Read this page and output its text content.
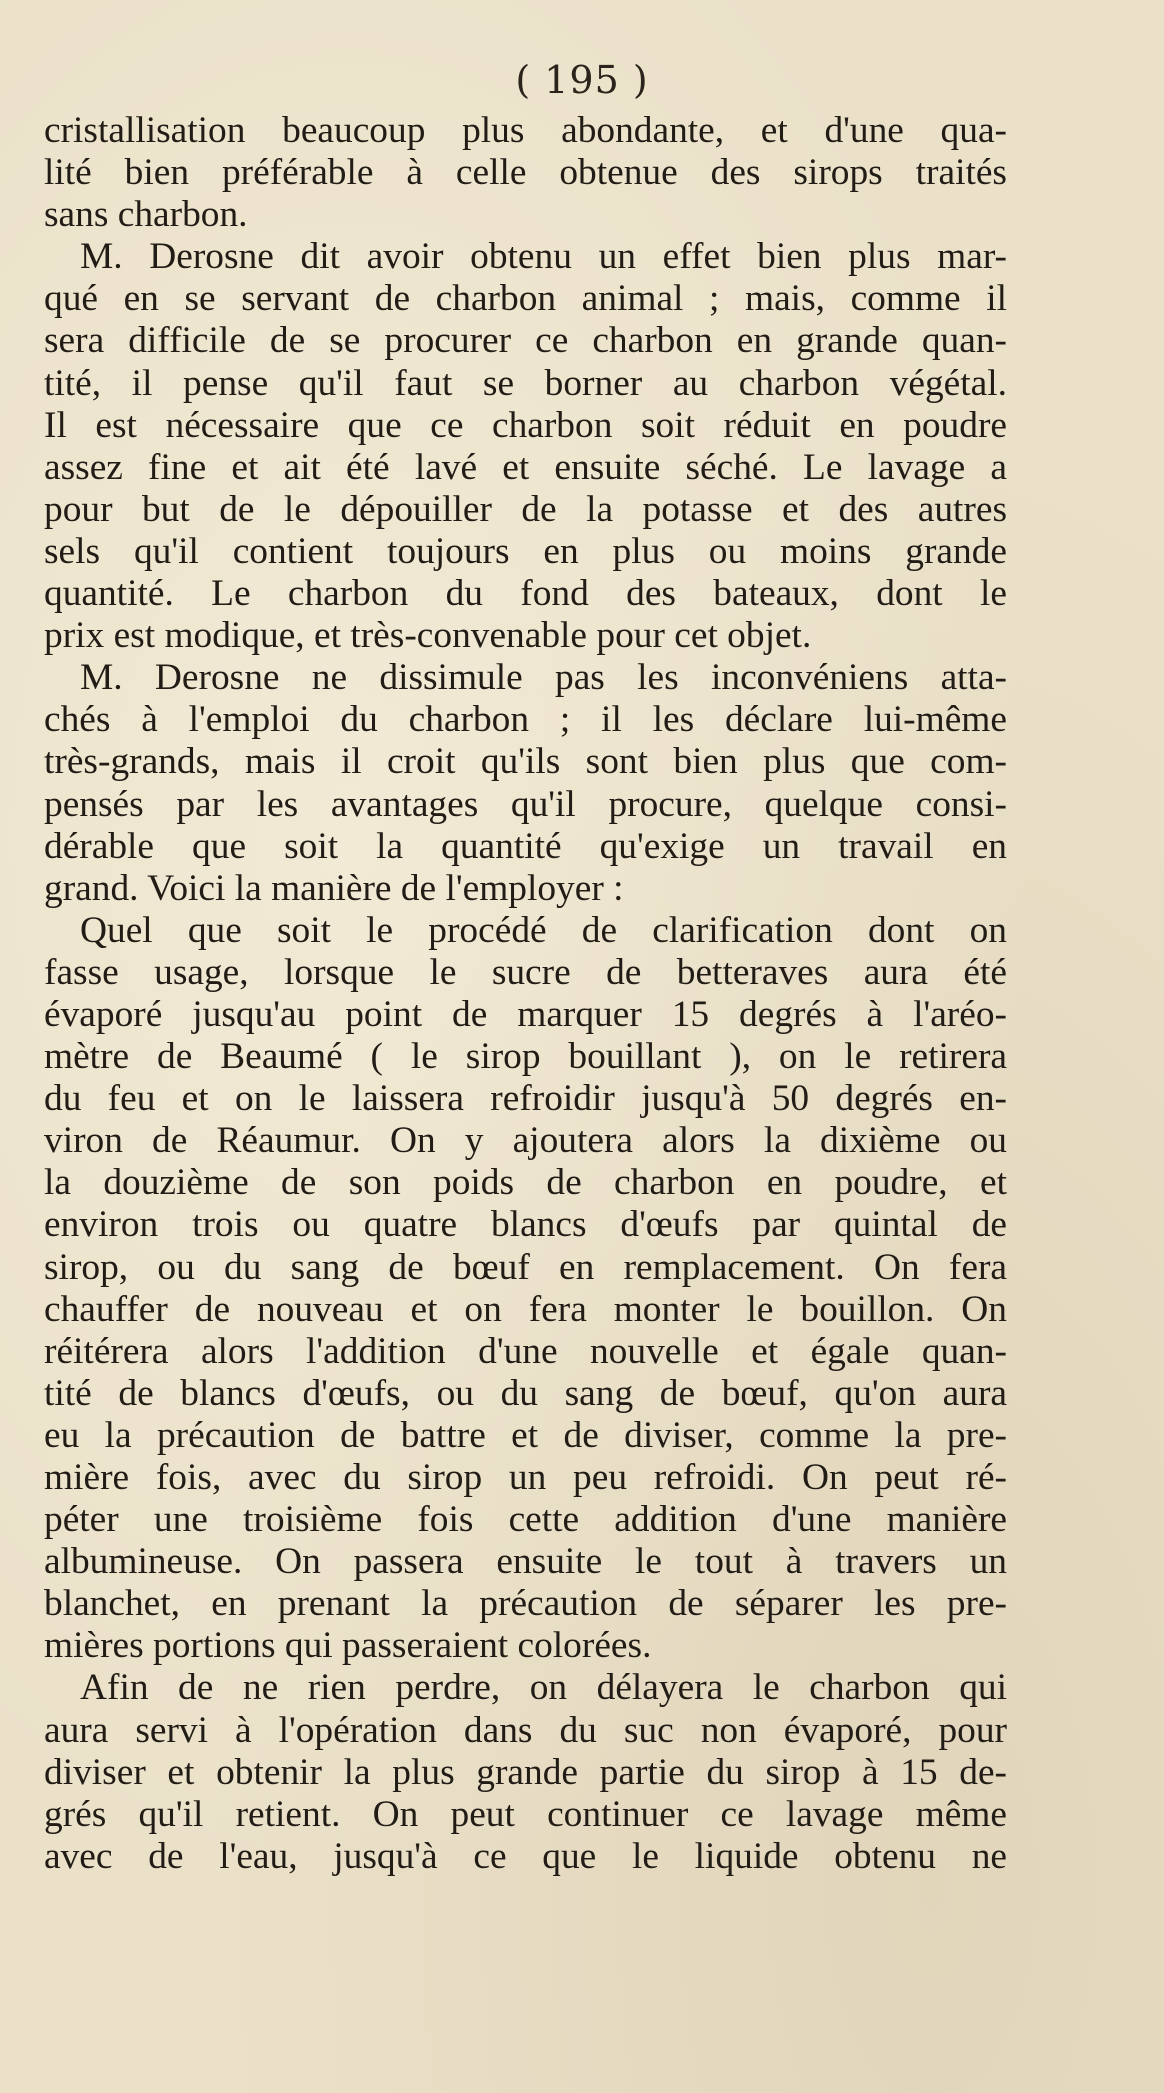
( 195 )
cristallisation beaucoup plus abondante, et d'une qua-
lité bien préférable à celle obtenue des sirops traités
sans charbon.
M. Derosne dit avoir obtenu un effet bien plus mar-
qué en se servant de charbon animal ; mais, comme il
sera difficile de se procurer ce charbon en grande quan-
tité, il pense qu'il faut se borner au charbon végétal.
Il est nécessaire que ce charbon soit réduit en poudre
assez fine et ait été lavé et ensuite séché. Le lavage a
pour but de le dépouiller de la potasse et des autres
sels qu'il contient toujours en plus ou moins grande
quantité. Le charbon du fond des bateaux, dont le
prix est modique, et très-convenable pour cet objet.
M. Derosne ne dissimule pas les inconvéniens atta-
chés à l'emploi du charbon ; il les déclare lui-même
très-grands, mais il croit qu'ils sont bien plus que com-
pensés par les avantages qu'il procure, quelque consi-
dérable que soit la quantité qu'exige un travail en
grand. Voici la manière de l'employer :
Quel que soit le procédé de clarification dont on
fasse usage, lorsque le sucre de betteraves aura été
évaporé jusqu'au point de marquer 15 degrés à l'aréo-
mètre de Beaumé ( le sirop bouillant ), on le retirera
du feu et on le laissera refroidir jusqu'à 50 degrés en-
viron de Réaumur. On y ajoutera alors la dixième ou
la douzième de son poids de charbon en poudre, et
environ trois ou quatre blancs d'œufs par quintal de
sirop, ou du sang de bœuf en remplacement. On fera
chauffer de nouveau et on fera monter le bouillon. On
réitérera alors l'addition d'une nouvelle et égale quan-
tité de blancs d'œufs, ou du sang de bœuf, qu'on aura
eu la précaution de battre et de diviser, comme la pre-
mière fois, avec du sirop un peu refroidi. On peut ré-
péter une troisième fois cette addition d'une manière
albumineuse. On passera ensuite le tout à travers un
blanchet, en prenant la précaution de séparer les pre-
mières portions qui passeraient colorées.
Afin de ne rien perdre, on délayera le charbon qui
aura servi à l'opération dans du suc non évaporé, pour
diviser et obtenir la plus grande partie du sirop à 15 de-
grés qu'il retient. On peut continuer ce lavage même
avec de l'eau, jusqu'à ce que le liquide obtenu ne
